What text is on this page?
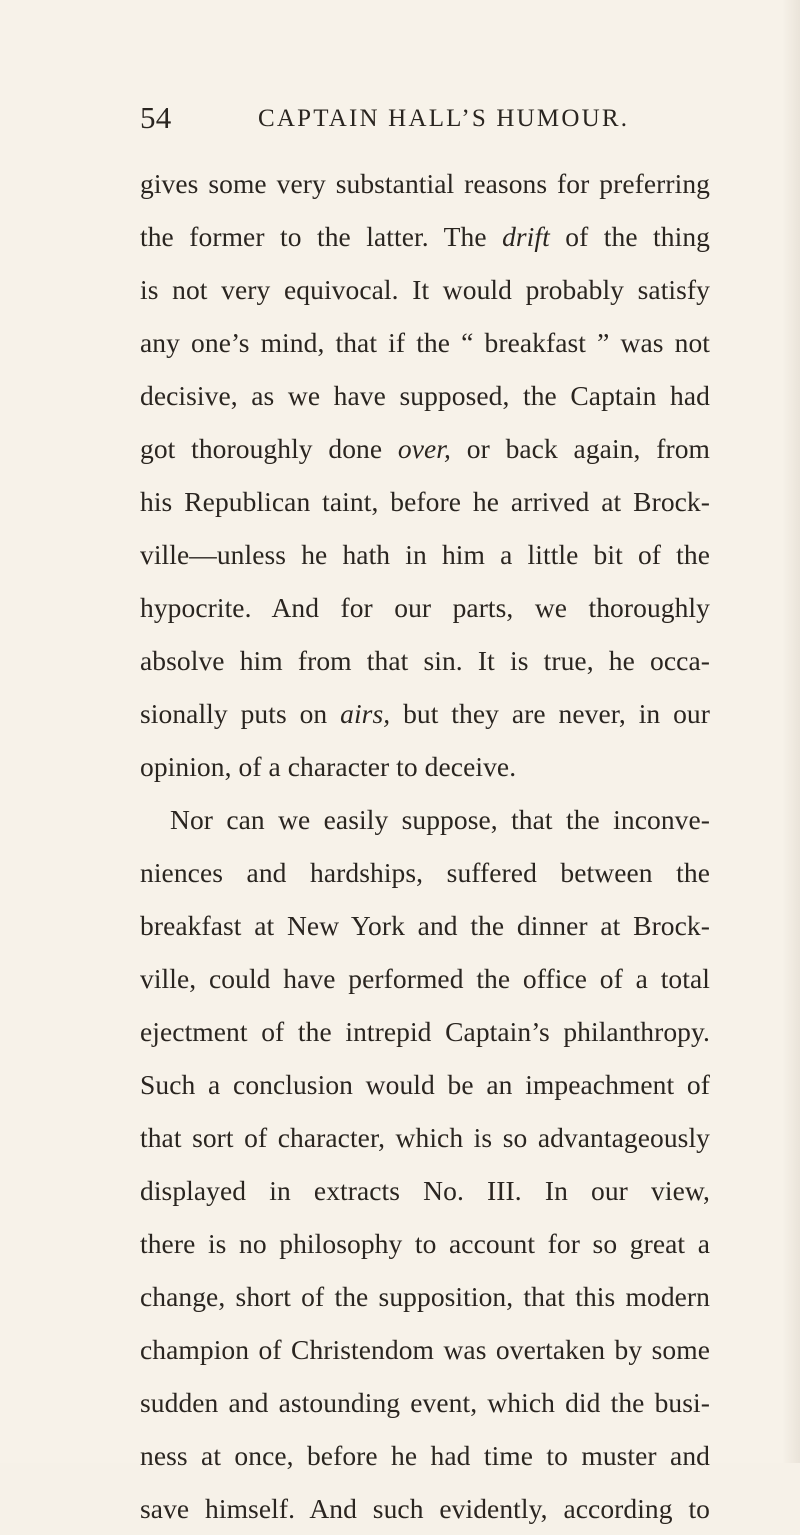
54	CAPTAIN HALL’S HUMOUR.
gives some very substantial reasons for preferring
the former to the latter. The drift of the thing
is not very equivocal. It would probably satisfy
any one’s mind, that if the “ breakfast ” was not
decisive, as we have supposed, the Captain had
got thoroughly done over, or back again, from
his Republican taint, before he arrived at Brock-
ville—unless he hath in him a little bit of the
hypocrite. And for our parts, we thoroughly
absolve him from that sin. It is true, he occa-
sionally puts on airs, but they are never, in our
opinion, of a character to deceive.
Nor can we easily suppose, that the inconve-
niences and hardships, suffered between the
breakfast at New York and the dinner at Brock-
ville, could have performed the office of a total
ejectment of the intrepid Captain’s philanthropy.
Such a conclusion would be an impeachment of
that sort of character, which is so advantageously
displayed in extracts No. III. In our view,
there is no philosophy to account for so great a
change, short of the supposition, that this modern
champion of Christendom was overtaken by some
sudden and astounding event, which did the busi-
ness at once, before he had time to muster and
save himself. And such evidently, according to
